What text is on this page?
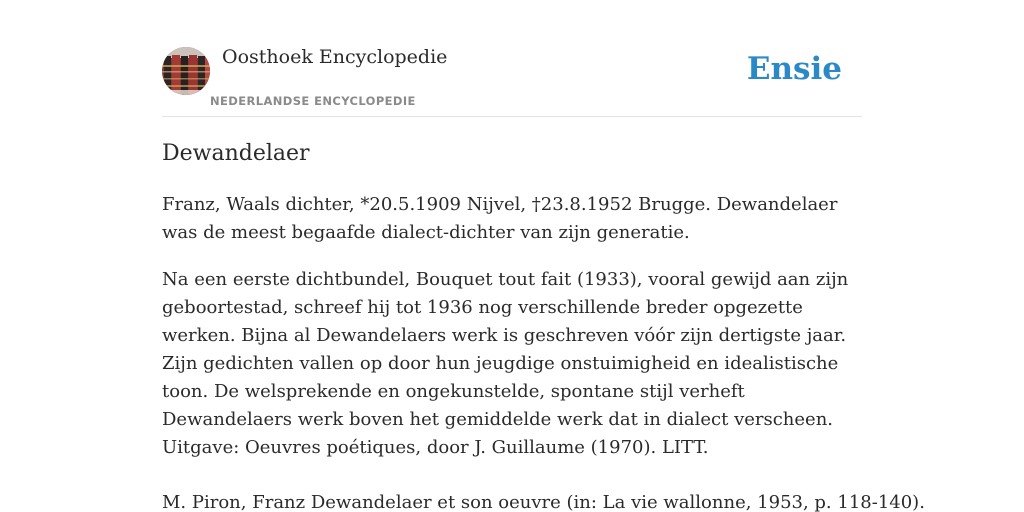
Oosthoek Encyclopedie
NEDERLANDSE ENCYCLOPEDIE
Ensie
Dewandelaer

Franz, Waals dichter, *20.5.1909 Nijvel, †23.8.1952 Brugge. Dewandelaer was de meest begaafde dialect-dichter van zijn generatie.

Na een eerste dichtbundel, Bouquet tout fait (1933), vooral gewijd aan zijn geboortestad, schreef hij tot 1936 nog verschillende breder opgezette werken. Bijna al Dewandelaers werk is geschreven vóór zijn dertigste jaar. Zijn gedichten vallen op door hun jeugdige onstuimigheid en idealistische toon. De welsprekende en ongekunstelde, spontane stijl verheft Dewandelaers werk boven het gemiddelde werk dat in dialect verscheen. Uitgave: Oeuvres poétiques, door J. Guillaume (1970). LITT.

M. Piron, Franz Dewandelaer et son oeuvre (in: La vie wallonne, 1953, p. 118-140).
